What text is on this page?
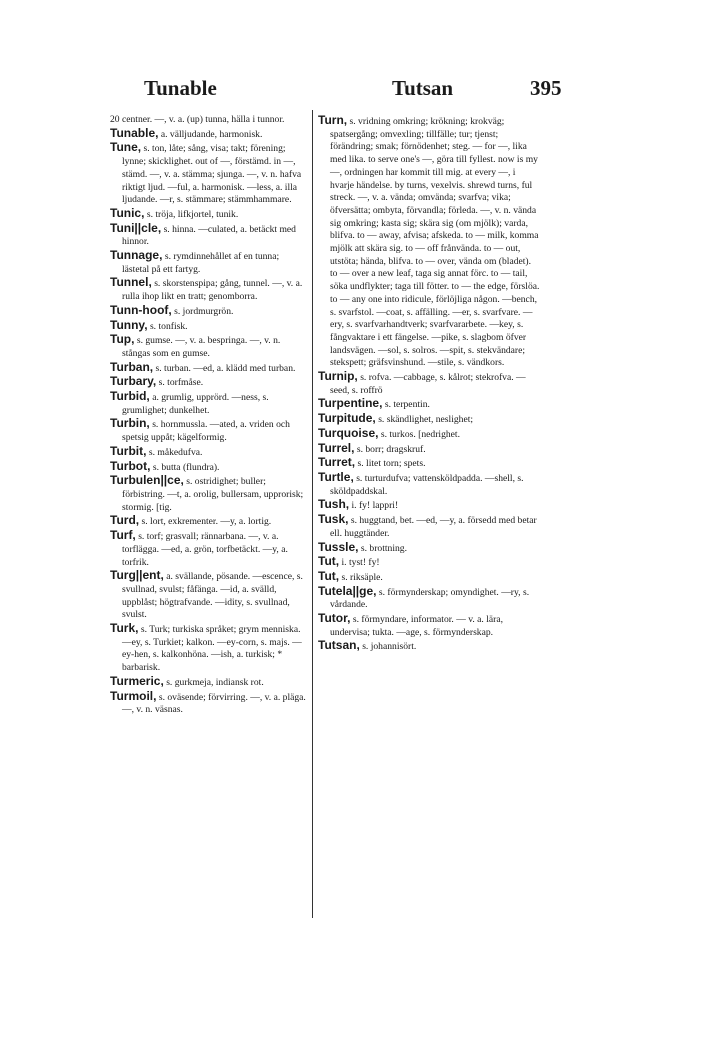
Tunable	Tutsan	395

20 centner. —, v. a. (up) tunna, hälla i tunnor.

Tunable, a. välljudande, harmonisk.

Tune, s. ton, låte; sång, visa; takt; förening; lynne; skicklighet. out of —, förstämd. in —, stämd. —, v. a. stämma; sjunga. —, v. n. hafva riktigt ljud. —ful, a. harmonisk. —less, a. illa ljudande. —r, s. stämmare; stämmhammare.

Tunic, s. tröja, lifkjortel, tunik.

Tuni||cle, s. hinna. —culated, a. betäckt med hinnor.

Tunnage, s. rymdinnehållet af en tunna; lästetal på ett fartyg.

Tunnel, s. skorstenspipa; gång, tunnel. —, v. a. rulla ihop likt en tratt; genomborra.

Tunn-hoof, s. jordmurgrön.

Tunny, s. tonfisk.

Tup, s. gumse. —, v. a. bespringa. —, v. n. stångas som en gumse.

Turban, s. turban. —ed, a. klädd med turban.

Turbary, s. torfmåse.

Turbid, a. grumlig, upprörd. —ness, s. grumlighet; dunkelhet.

Turbin, s. hornmussla. —ated, a. vriden och spetsig uppåt; kägelformig.

Turbit, s. måkedufva.

Turbot, s. butta (flundra).

Turbulen||ce, s. ostridighet; buller; förbistring. —t, a. orolig, bullersam, upprorisk; stormig. [tig.

Turd, s. lort, exkrementer. —y, a. lortig.

Turf, s. torf; grasvall; rännarbana. —, v. a. torflägga. —ed, a. grön, torfbetäckt. —y, a. torfrik.

Turg||ent, a. svällande, pösande. —escence, s. svullnad, svulst; fåfänga. —id, a. svälld, uppblåst; högtrafvande. —idity, s. svullnad, svulst.

Turk, s. Turk; turkiska språket; grym menniska. —ey, s. Turkiet; kalkon. —ey-corn, s. majs. —ey-hen, s. kalkonhöna. —ish, a. turkisk; * barbarisk.

Turmeric, s. gurkmeja, indiansk rot.

Turmoil, s. oväsende; förvirring. —, v. a. pläga. —, v. n. väsnas.

Turn, s. vridning omkring; krökning; krokväg; spatsergång; omvexling; tillfälle; tur; tjenst; förändring; smak; förnödenhet; steg. — for —, lika med lika. to serve one's —, göra till fyllest. now is my —, ordningen har kommit till mig. at every —, i hvarje händelse. by turns, vexelvis. shrewd turns, ful streck. —, v. a. vända; omvända; svarfva; vika; öfversätta; ombyta, förvandla; förleda. —, v. n. vända sig omkring; kasta sig; skära sig (om mjölk); varda, blifva. to — away, afvisa; afskeda. to — milk, komma mjölk att skära sig. to — off frånvända. to — out, utstöta; hända, blifva. to — over, vända om (bladet). to — over a new leaf, taga sig annat förc. to — tail, söka undflykter; taga till fötter. to — the edge, förslöa. to — any one into ridicule, förlöjliga någon. —bench, s. svarfstol. —coat, s. affälling. —er, s. svarfvare. —ery, s. svarfvarhandtverk; svarfvararbete. —key, s. fångvaktare i ett fängelse. —pike, s. slagbom öfver landsvägen. —sol, s. solros. —spit, s. stekvändare; stekspett; gräfsvinshund. —stile, s. vändkors.

Turnip, s. rofva. —cabbage, s. kålrot; stekrofva. —seed, s. roffrö

Turpentine, s. terpentin.

Turpitude, s. skändlighet, neslighet;

Turquoise, s. turkos. [nedrighet.

Turrel, s. borr; dragskruf.

Turret, s. litet torn; spets.

Turtle, s. turturdufva; vattensköldpadda. —shell, s. sköldpaddskal.

Tush, i. fy! lappri!

Tusk, s. huggtand, bet. —ed, —y, a. försedd med betar ell. huggtänder.

Tussle, s. brottning.

Tut, i. tyst! fy!

Tut, s. riksäple.

Tutela||ge, s. förmynderskap; omyndighet. —ry, s. vårdande.

Tutor, s. förmyndare, informator. — v. a. lära, undervisa; tukta. —age, s. förmynderskap.

Tutsan, s. johannisört.
